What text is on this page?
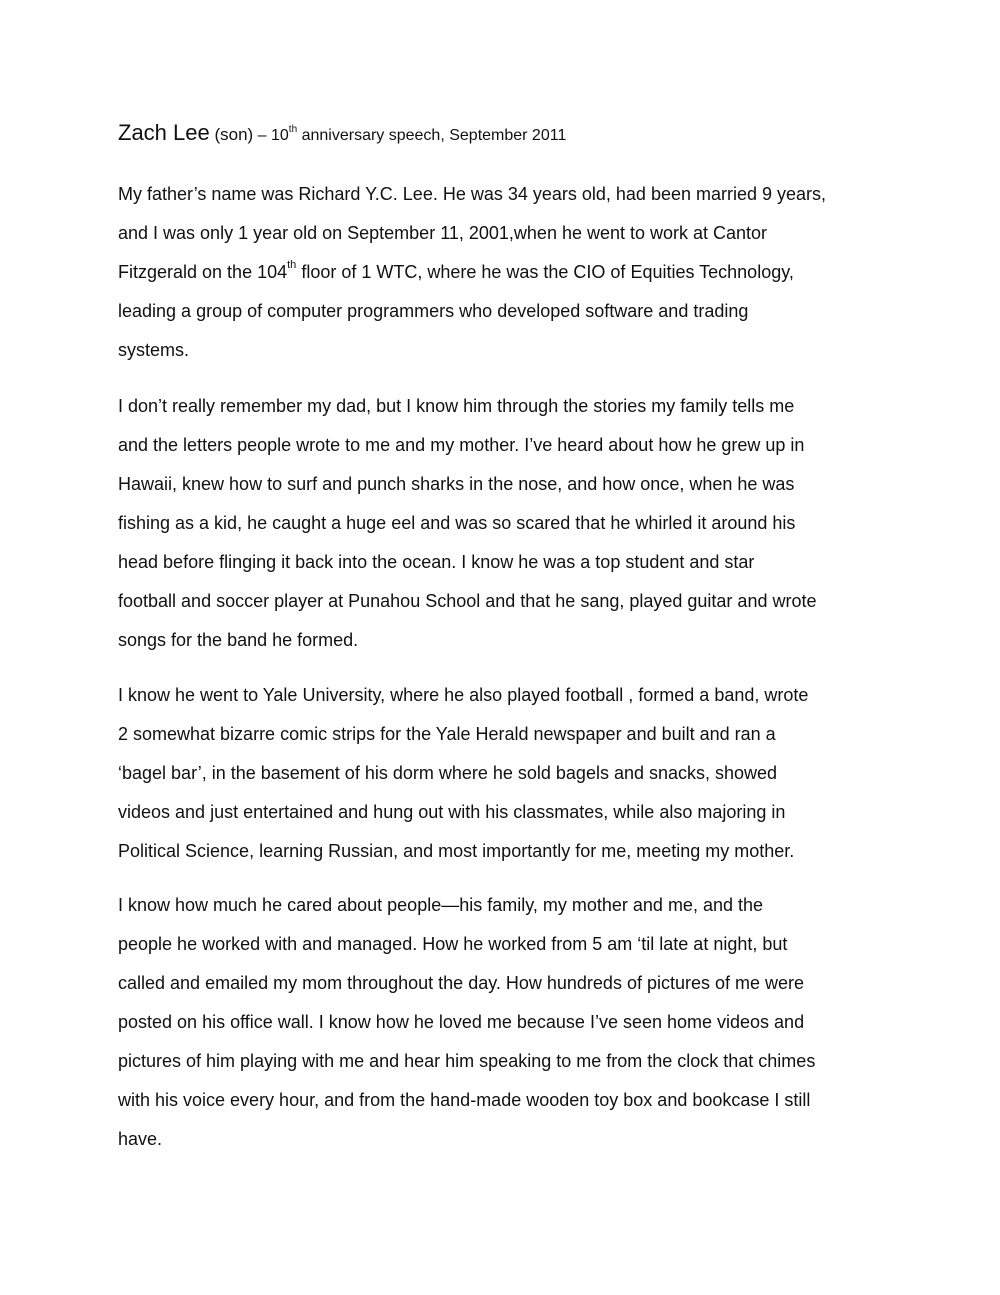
Zach Lee (son) – 10th anniversary speech, September 2011
My father’s name was Richard Y.C. Lee. He was 34 years old, had been married 9 years,
and I was only 1 year old on September 11, 2001,when he went to work at Cantor
Fitzgerald on the 104th floor of 1 WTC, where he was the CIO of Equities Technology,
leading a group of computer programmers who developed software and trading
systems.
I don’t really remember my dad, but I know him through the stories my family tells me
and the letters people wrote to me and my mother. I’ve heard about how he grew up in
Hawaii, knew how to surf and punch sharks in the nose, and how once, when he was
fishing as a kid, he caught a huge eel and was so scared that he whirled it around his
head before flinging it back into the ocean. I know he was a top student and star
football and soccer player at Punahou School and that he sang, played guitar and wrote
songs for the band he formed.
I know he went to Yale University, where he also played football , formed a band, wrote
2 somewhat bizarre comic strips for the Yale Herald newspaper and built and ran a
‘bagel bar’, in the basement of his dorm where he sold bagels and snacks, showed
videos and just entertained and hung out with his classmates, while also majoring in
Political Science, learning Russian, and most importantly for me, meeting my mother.
I know how much he cared about people—his family, my mother and me, and the
people he worked with and managed. How he worked from 5 am ‘til late at night, but
called and emailed my mom throughout the day. How hundreds of pictures of me were
posted on his office wall. I know how he loved me because I’ve seen home videos and
pictures of him playing with me and hear him speaking to me from the clock that chimes
with his voice every hour, and from the hand-made wooden toy box and bookcase I still
have.
